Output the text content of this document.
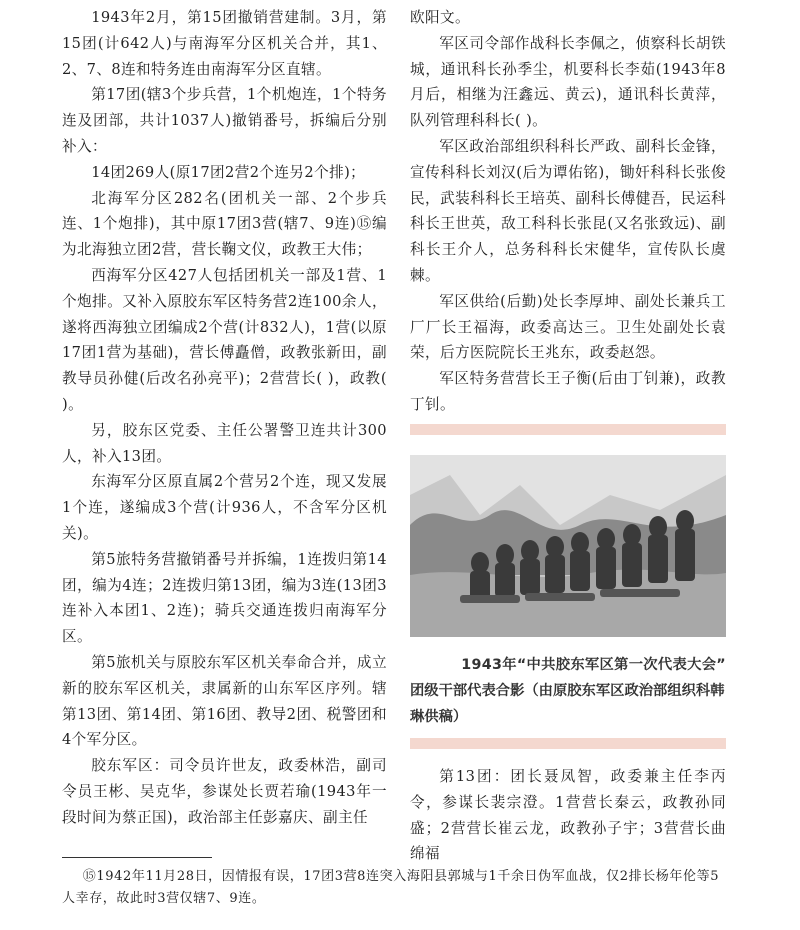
1943年2月，第15团撤销营建制。3月，第15团(计642人)与南海军分区机关合并，其1、2、7、8连和特务连由南海军分区直辖。

第17团(辖3个步兵营，1个机炮连，1个特务连及团部，共计1037人)撤销番号，拆编后分别补入：

14团269人(原17团2营2个连另2个排)；

北海军分区282名(团机关一部、2个步兵连、1个炮排)，其中原17团3营(辖7、9连)⑮编为北海独立团2营，营长鞠文仪，政教王大伟；

西海军分区427人包括团机关一部及1营、1个炮排。又补入原胶东军区特务营2连100余人，遂将西海独立团编成2个营(计832人)，1营(以原17团1营为基础)，营长傅矗僧，政教张新田，副教导员孙健(后改名孙亮平)；2营营长( )，政教( )。

另，胶东区党委、主任公署警卫连共计300人，补入13团。

东海军分区原直属2个营另2个连，现又发展1个连，遂编成3个营(计936人，不含军分区机关)。

第5旅特务营撤销番号并拆编，1连拨归第14团，编为4连；2连拨归第13团，编为3连(13团3连补入本团1、2连)；骑兵交通连拨归南海军分区。

第5旅机关与原胶东军区机关奉命合并，成立新的胶东军区机关，隶属新的山东军区序列。辖第13团、第14团、第16团、教导2团、税警团和4个军分区。

胶东军区：司令员许世友，政委林浩，副司令员王彬、吴克华，参谋处长贾若瑜(1943年一段时间为蔡正国)，政治部主任彭嘉庆、副主任

欧阳文。

军区司令部作战科长李佩之，侦察科长胡铁城，通讯科长孙季尘，机要科长李茹(1943年8月后，相继为汪鑫远、黄云)，通讯科长黄萍，队列管理科科长( )。

军区政治部组织科科长严政、副科长金锋，宣传科科长刘汉(后为谭佑铭)，锄奸科科长张俊民，武装科科长王培英、副科长傅健吾，民运科科长王世英，敌工科科长张昆(又名张致远)、副科长王介人，总务科科长宋健华，宣传队长虞棘。

军区供给(后勤)处长李厚坤、副处长兼兵工厂厂长王福海，政委高达三。卫生处副处长袁荣，后方医院院长王兆东，政委赵怨。

军区特务营营长王子衡(后由丁钊兼)，政教丁钊。

1943年“中共胶东军区第一次代表大会”
团级干部代表合影（由原胶东军区政治部组织科韩琳供稿）

第13团：团长聂凤智，政委兼主任李丙令，参谋长裴宗澄。1营营长秦云，政教孙同盛；2营营长崔云龙，政教孙子宇；3营营长曲绵福

⑮1942年11月28日，因情报有误，17团3营8连突入海阳县郭城与1千余日伪军血战，仅2排长杨年伦等5人幸存，故此时3营仅辖7、9连。
